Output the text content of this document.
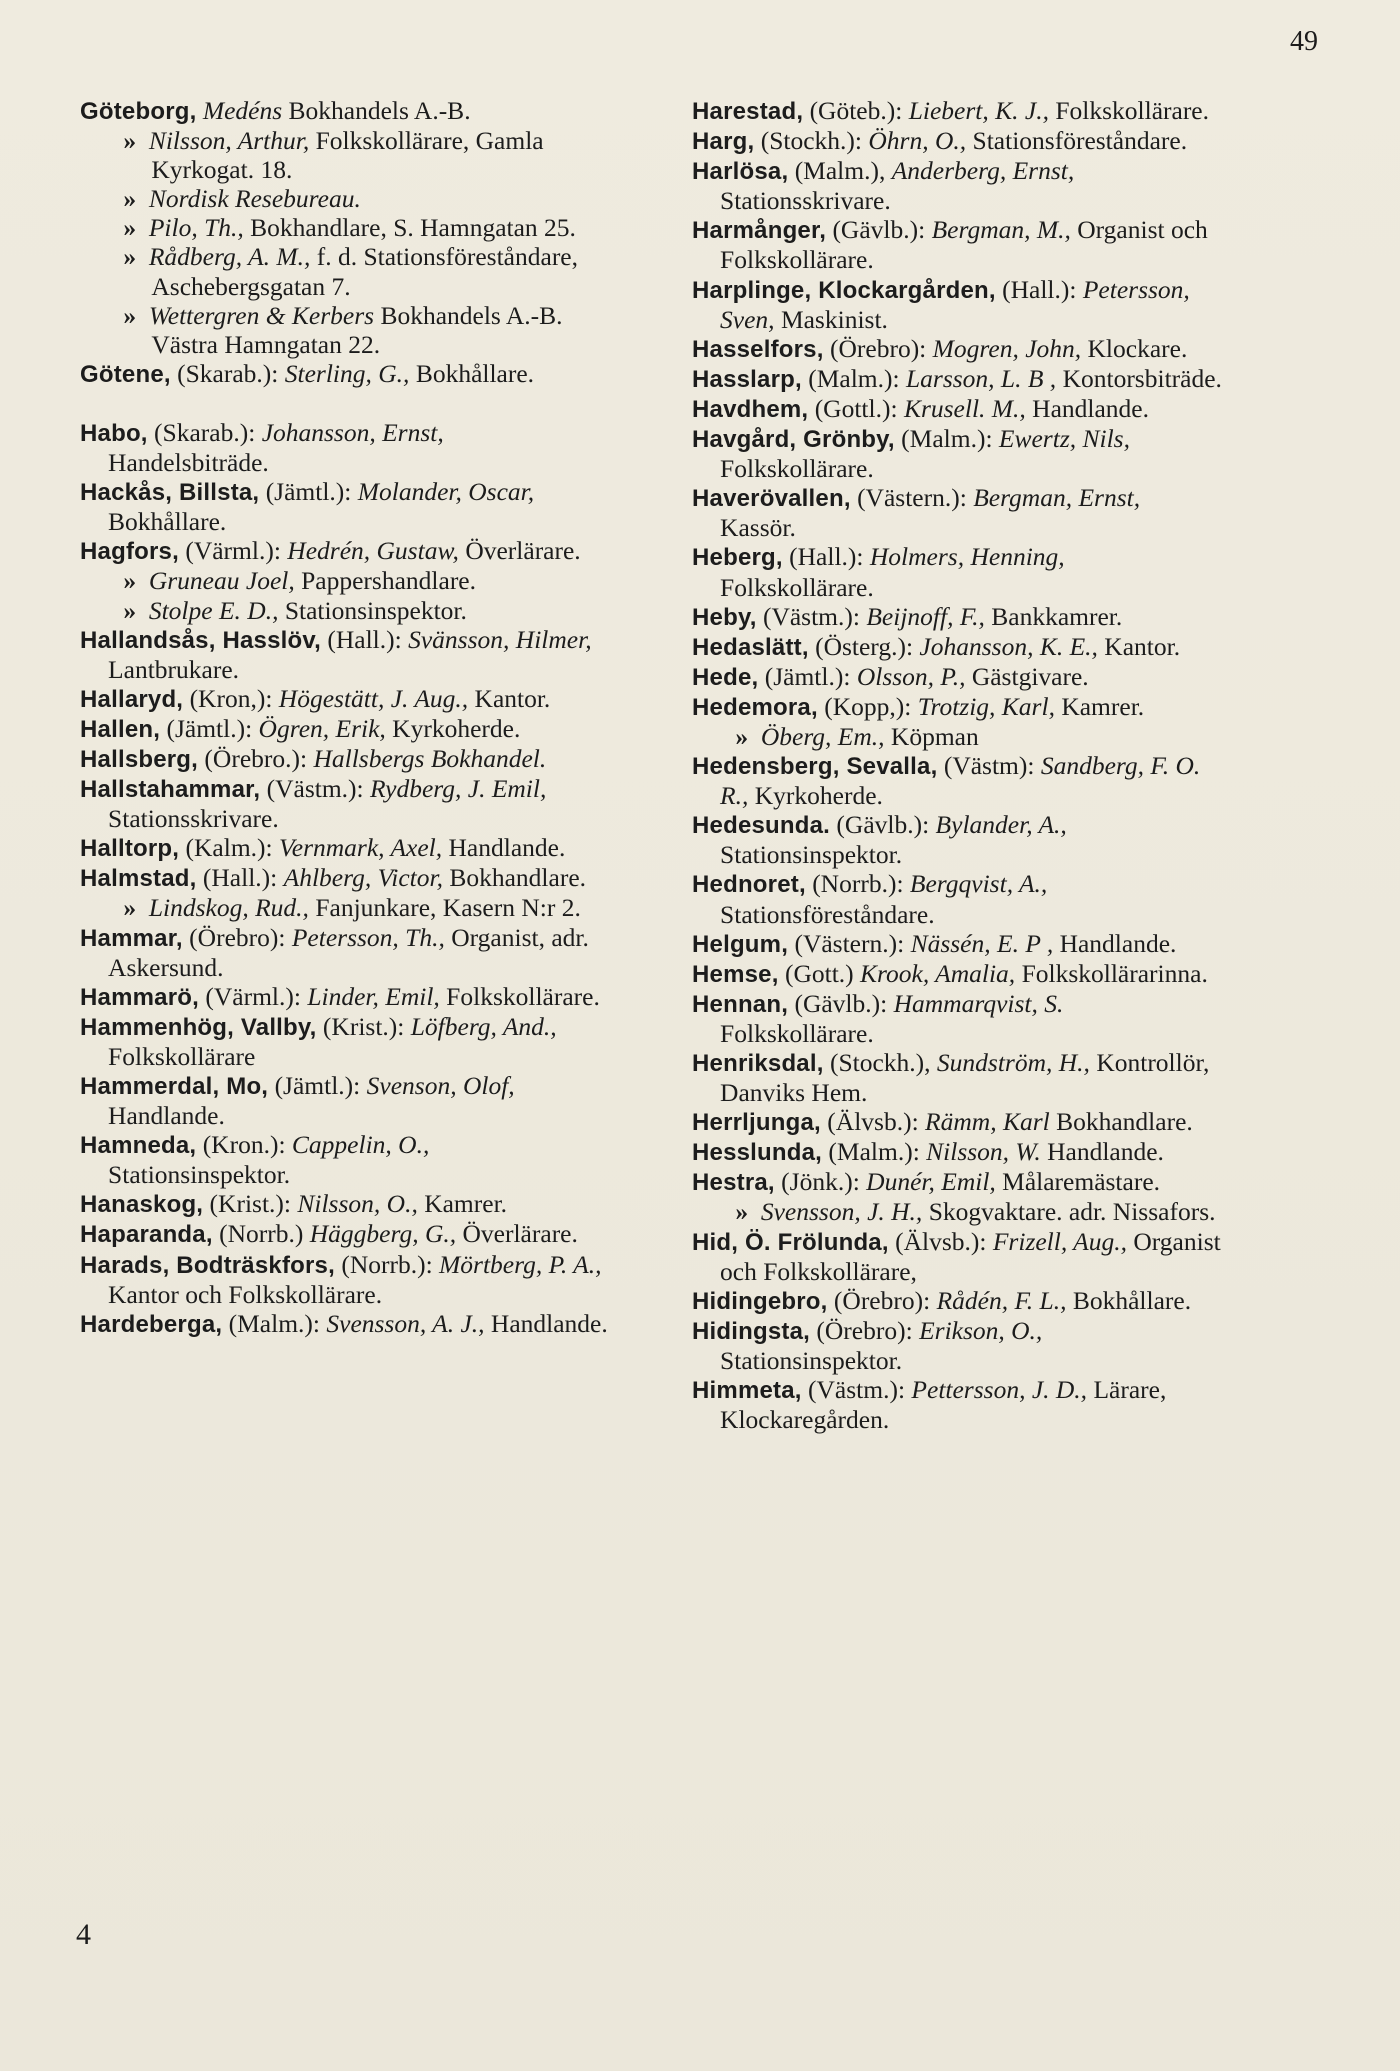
49
Göteborg, Medéns Bokhandels A.-B.
» Nilsson, Arthur, Folkskollärare, Gamla Kyrkogat. 18.
» Nordisk Resebureau.
» Pilo, Th., Bokhandlare, S. Hamngatan 25.
» Rådberg, A. M., f. d. Stationsföreståndare, Aschebergsgatan 7.
» Wettergren & Kerbers Bokhandels A.-B. Västra Hamngatan 22.
Götene, (Skarab.): Sterling, G., Bokhållare.
Habo, (Skarab.): Johansson, Ernst, Handelsbiträde.
Hackås, Billsta, (Jämtl.): Molander, Oscar, Bokhållare.
Hagfors, (Värml.): Hedrén, Gustaw, Överlärare.
» Gruneau Joel, Pappershandlare.
» Stolpe E. D., Stationsinspektor.
Hallandsås, Hasslöv, (Hall.): Svänsson, Hilmer, Lantbrukare.
Hallaryd, (Kron,): Högestätt, J. Aug., Kantor.
Hallen, (Jämtl.): Ögren, Erik, Kyrkoherde.
Hallsberg, (Örebro.): Hallsbergs Bokhandel.
Hallstahammar, (Västm.): Rydberg, J. Emil, Stationsskrivare.
Halltorp, (Kalm.): Vernmark, Axel, Handlande.
Halmstad, (Hall.): Ahlberg, Victor, Bokhandlare.
» Lindskog, Rud., Fanjunkare, Kasern N:r 2.
Hammar, (Örebro): Petersson, Th., Organist, adr. Askersund.
Hammarö, (Värml.): Linder, Emil, Folkskollärare.
Hammenhög, Vallby, (Krist.): Löfberg, And., Folkskollärare
Hammerdal, Mo, (Jämtl.): Svenson, Olof, Handlande.
Hamneda, (Kron.): Cappelin, O., Stationsinspektor.
Hanaskog, (Krist.): Nilsson, O., Kamrer.
Haparanda, (Norrb.) Häggberg, G., Överlärare.
Harads, Bodträskfors, (Norrb.): Mörtberg, P. A., Kantor och Folkskollärare.
Hardeberga, (Malm.): Svensson, A. J., Handlande.
Harestad, (Göteb.): Liebert, K. J., Folkskollärare.
Harg, (Stockh.): Öhrn, O., Stationsföreståndare.
Harlösa, (Malm.), Anderberg, Ernst, Stationsskrivare.
Harmånger, (Gävlb.): Bergman, M., Organist och Folkskollärare.
Harplinge, Klockargården, (Hall.): Petersson, Sven, Maskinist.
Hasselfors, (Örebro): Mogren, John, Klockare.
Hasslarp, (Malm.): Larsson, L. B , Kontorsbiträde.
Havdhem, (Gottl.): Krusell. M., Handlande.
Havgård, Grönby, (Malm.): Ewertz, Nils, Folkskollärare.
Haverövallen, (Västern.): Bergman, Ernst, Kassör.
Heberg, (Hall.): Holmers, Henning, Folkskollärare.
Heby, (Västm.): Beijnoff, F., Bankkamrer.
Hedaslätt, (Österg.): Johansson, K. E., Kantor.
Hede, (Jämtl.): Olsson, P., Gästgivare.
Hedemora, (Kopp,): Trotzig, Karl, Kamrer.
» Öberg, Em., Köpman
Hedensberg, Sevalla, (Västm): Sandberg, F. O. R., Kyrkoherde.
Hedesunda. (Gävlb.): Bylander, A., Stationsinspektor.
Hednoret, (Norrb.): Bergqvist, A., Stationsföreståndare.
Helgum, (Västern.): Nässén, E. P , Handlande.
Hemse, (Gott.) Krook, Amalia, Folkskollärarinna.
Hennan, (Gävlb.): Hammarqvist, S. Folkskollärare.
Henriksdal, (Stockh.), Sundström, H., Kontrollör, Danviks Hem.
Herrljunga, (Älvsb.): Rämm, Karl Bokhandlare.
Hesslunda, (Malm.): Nilsson, W. Handlande.
Hestra, (Jönk.): Dunér, Emil, Målaremästare.
» Svensson, J. H., Skogvaktare. adr. Nissafors.
Hid, Ö. Frölunda, (Älvsb.): Frizell, Aug., Organist och Folkskollärare,
Hidingebro, (Örebro): Rådén, F. L., Bokhållare.
Hidingsta, (Örebro): Erikson, O., Stationsinspektor.
Himmeta, (Västm.): Pettersson, J. D., Lärare, Klockaregården.
4
